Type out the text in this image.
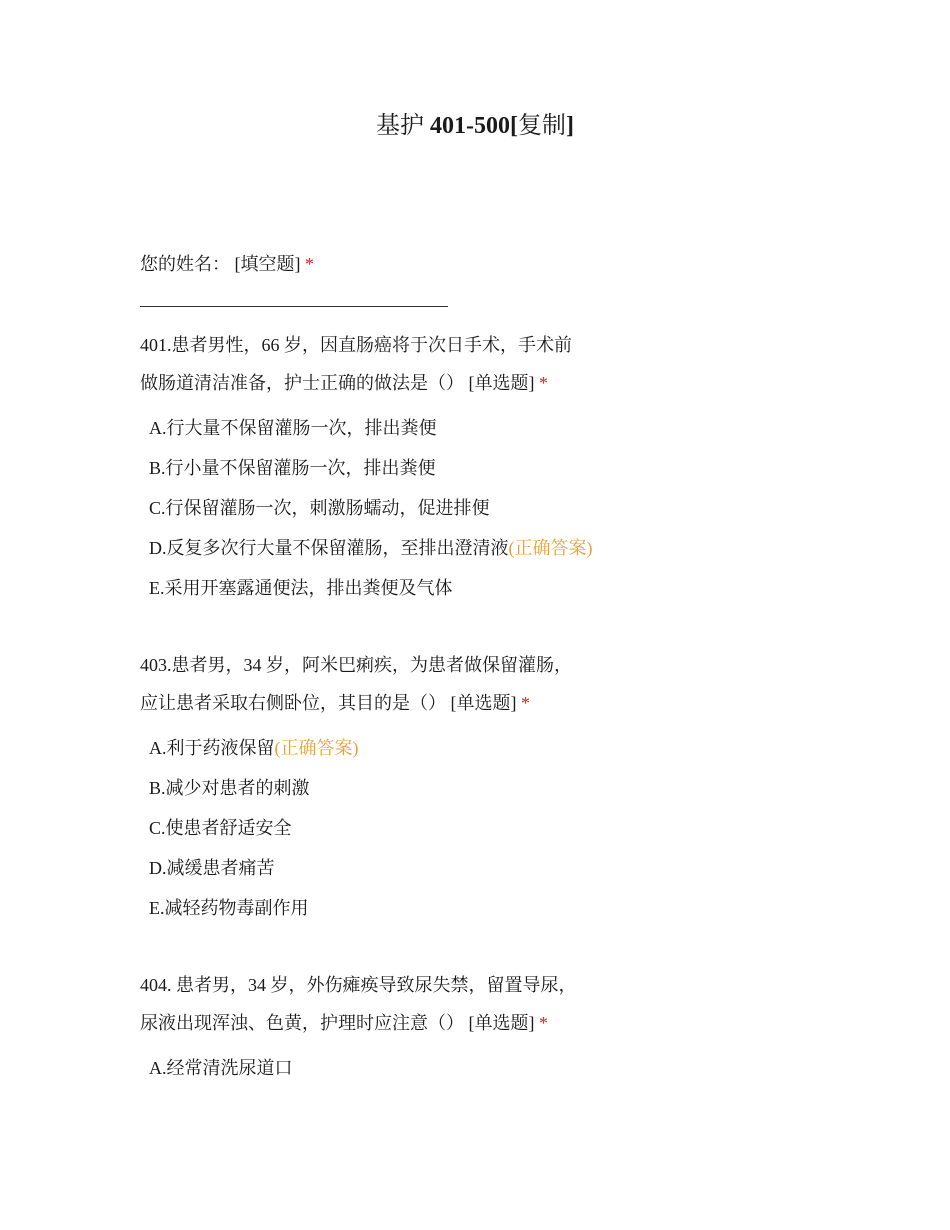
基护 401-500[复制]
您的姓名： [填空题] *
401.患者男性，66 岁，因直肠癌将于次日手术，手术前
做肠道清洁准备，护士正确的做法是（） [单选题] *
A.行大量不保留灌肠一次，排出粪便
B.行小量不保留灌肠一次，排出粪便
C.行保留灌肠一次，刺激肠蠕动，促进排便
D.反复多次行大量不保留灌肠，至排出澄清液(正确答案)
E.采用开塞露通便法，排出粪便及气体
403.患者男，34 岁，阿米巴痢疾，为患者做保留灌肠，
应让患者采取右侧卧位，其目的是（） [单选题] *
A.利于药液保留(正确答案)
B.减少对患者的刺激
C.使患者舒适安全
D.减缓患者痛苦
E.减轻药物毒副作用
404. 患者男，34 岁，外伤瘫痪导致尿失禁，留置导尿，
尿液出现浑浊、色黄，护理时应注意（） [单选题] *
A.经常清洗尿道口
